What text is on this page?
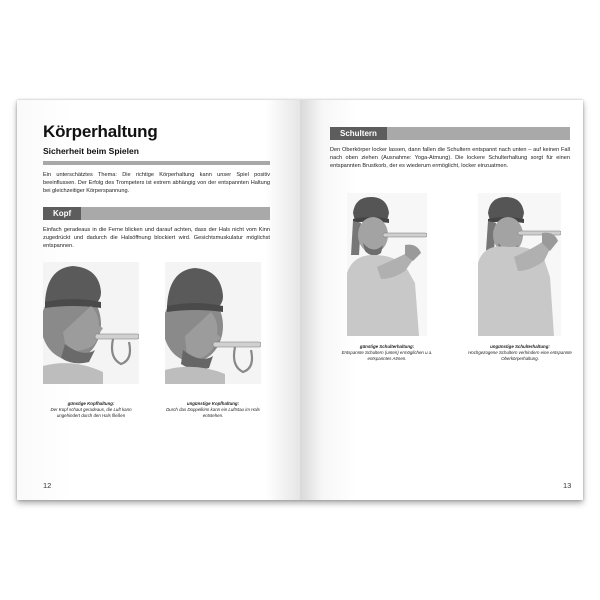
Körperhaltung
Sicherheit beim Spielen
Ein unterschätztes Thema: Die richtige Körperhaltung kann unser Spiel positiv beeinflussen. Der Erfolg des Trompeters ist extrem abhängig von der entspannten Haltung bei gleichzeitiger Körperspannung.
Kopf
Einfach geradeaus in die Ferne blicken und darauf achten, dass der Hals nicht vom Kinn zugedrückt und dadurch die Halsöffnung blockiert wird. Gesichtsmuskulatur möglichst entspannen.
günstige Kopfhaltung:
Der Kopf schaut geradeaus, die Luft kann ungehindert durch den Hals fließen
ungünstige Kopfhaltung:
Durch das Doppelkinn kann ein Luftstau im Hals entstehen.
12
Schultern
Den Oberkörper locker lassen, dann fallen die Schultern entspannt nach unten – auf keinen Fall nach oben ziehen (Ausnahme: Yoga-Atmung). Die lockere Schulterhaltung sorgt für einen entspannten Brustkorb, der es wiederum ermöglicht, locker einzuatmen.
günstige Schulterhaltung:
Entspannte Schultern (unten) ermöglichen u.a. entspanntes Atmen.
ungünstige Schulterhaltung:
Hochgezogene Schultern verhindern eine entspannte Oberkörperhaltung.
13
